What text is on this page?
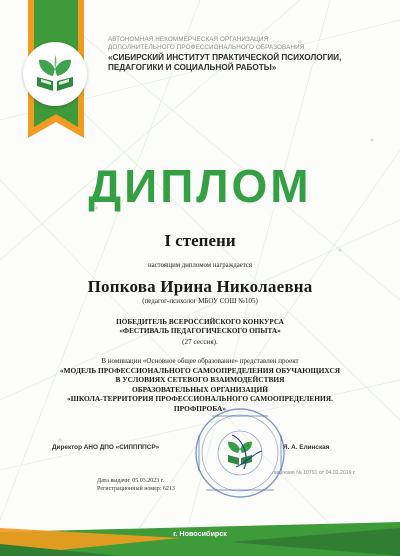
АВТОНОМНАЯ НЕКОММЕРЧЕСКАЯ ОРГАНИЗАЦИЯ
ДОПОЛНИТЕЛЬНОГО ПРОФЕССИОНАЛЬНОГО ОБРАЗОВАНИЯ
«СИБИРСКИЙ ИНСТИТУТ ПРАКТИЧЕСКОЙ ПСИХОЛОГИИ,
ПЕДАГОГИКИ И СОЦИАЛЬНОЙ РАБОТЫ»
ДИПЛОМ
I степени
настоящим дипломом награждается
Попкова Ирина Николаевна
(педагог-психолог МБОУ СОШ №105)
ПОБЕДИТЕЛЬ ВСЕРОССИЙСКОГО КОНКУРСА
«ФЕСТИВАЛЬ ПЕДАГОГИЧЕСКОГО ОПЫТА»
(27 сессия).
В номинации «Основное общее образование» представлен проект
«МОДЕЛЬ ПРОФЕССИОНАЛЬНОГО САМООПРЕДЕЛЕНИЯ ОБУЧАЮЩИХСЯ
В УСЛОВИЯХ СЕТЕВОГО ВЗАИМОДЕЙСТВИЯ
ОБРАЗОВАТЕЛЬНЫХ ОРГАНИЗАЦИЙ
«ШКОЛА-ТЕРРИТОРИЯ ПРОФЕССИОНАЛЬНОГО САМООПРЕДЕЛЕНИЯ.
ПРОФПРОБА»
Директор АНО ДПО «СИППППСР»	Я. А. Елинская
Дата выдачи: 05.03.2023 г.
Регистрационный номер: 6213
лицензия № 10791 от 04.02.2019 г.
г. Новосибирск
